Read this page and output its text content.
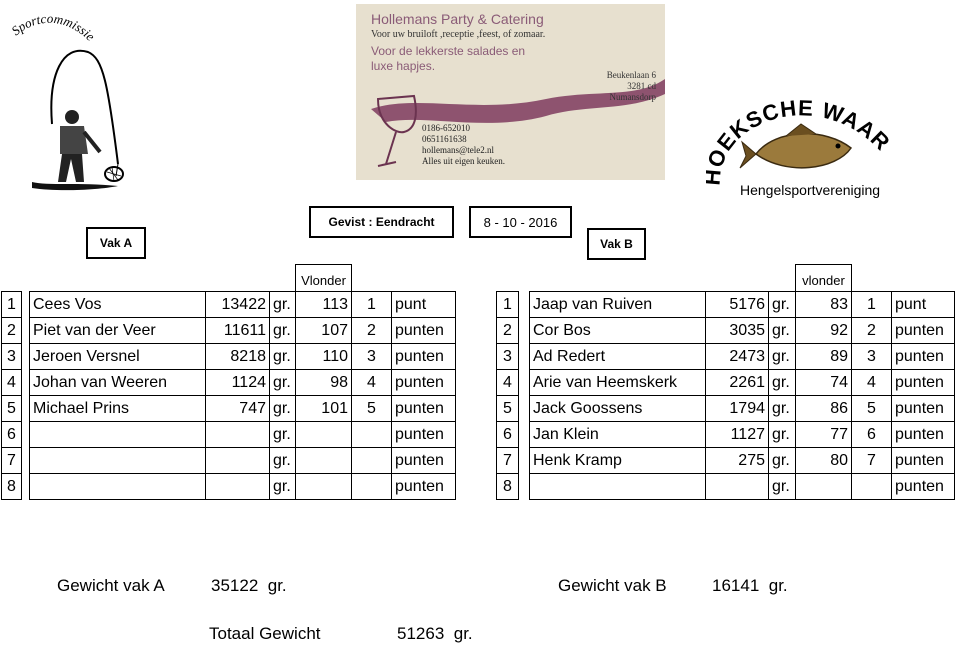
Sportcommissie
Hollemans Party & Catering
Voor uw bruiloft ,receptie ,feest, of zomaar.
Voor de lekkerste salades en luxe hapjes.
Beukenlaan 6
3281 cd
Numansdorp
0186-652010
0651161638
hollemans@tele2.nl
Alles uit eigen keuken.
EKSCHE WAAR
Hengelsportvereniging
Gevist : Eendracht	8 - 10 - 2016
Vak A	Vak B
					Vlonder		
1		Cees Vos	13422	gr.	113	1	punt
2		Piet van der Veer	11611	gr.	107	2	punten
3		Jeroen Versnel	8218	gr.	110	3	punten
4		Johan van Weeren	1124	gr.	98	4	punten
5		Michael Prins	747	gr.	101	5	punten
6				gr.			punten
7				gr.			punten
8				gr.			punten
					vlonder		
1		Jaap van Ruiven	5176	gr.	83	1	punt
2		Cor Bos	3035	gr.	92	2	punten
3		Ad Redert	2473	gr.	89	3	punten
4		Arie van Heemskerk	2261	gr.	74	4	punten
5		Jack Goossens	1794	gr.	86	5	punten
6		Jan Klein	1127	gr.	77	6	punten
7		Henk Kramp	275	gr.	80	7	punten
8				gr.			punten
Gewicht vak A	35122 gr.	Gewicht vak B	16141 gr.
Totaal Gewicht	51263 gr.
